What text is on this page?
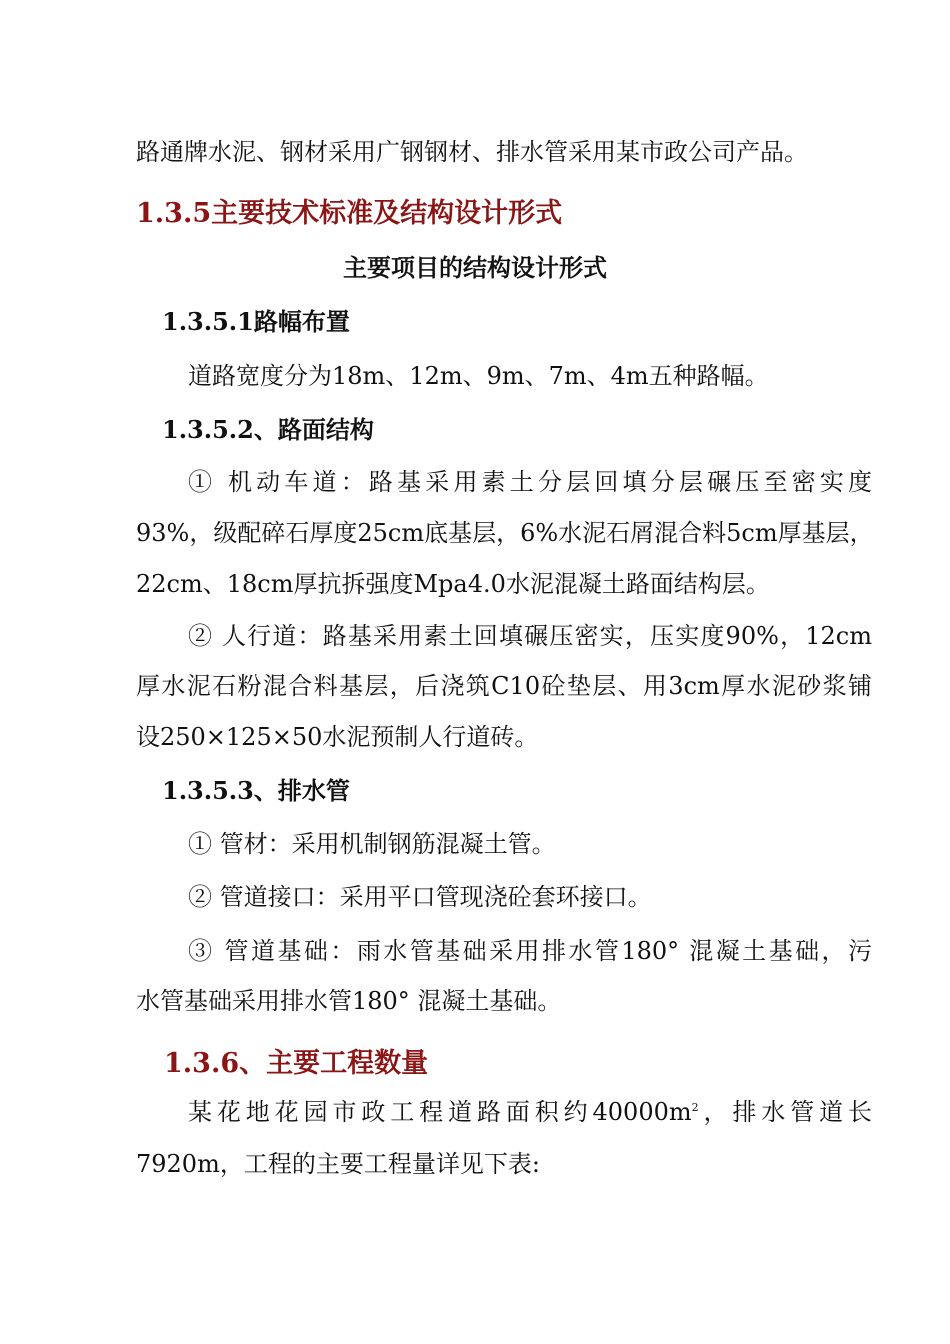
路通牌水泥、钢材采用广钢钢材、排水管采用某市政公司产品。
1.3.5主要技术标准及结构设计形式
主要项目的结构设计形式
1.3.5.1路幅布置
道路宽度分为18m、12m、9m、7m、4m五种路幅。
1.3.5.2、路面结构
① 机动车道：路基采用素土分层回填分层碾压至密实度
93%，级配碎石厚度25cm底基层，6%水泥石屑混合料5cm厚基层，
22cm、18cm厚抗拆强度Mpa4.0水泥混凝土路面结构层。
② 人行道：路基采用素土回填碾压密实，压实度90%，12cm
厚水泥石粉混合料基层，后浇筑C10砼垫层、用3cm厚水泥砂浆铺
设250×125×50水泥预制人行道砖。
1.3.5.3、排水管
① 管材：采用机制钢筋混凝土管。
② 管道接口：采用平口管现浇砼套环接口。
③ 管道基础：雨水管基础采用排水管180° 混凝土基础，污
水管基础采用排水管180° 混凝土基础。
1.3.6、主要工程数量
某花地花园市政工程道路面积约$40000m^2$，排水管道长
7920m，工程的主要工程量详见下表:
